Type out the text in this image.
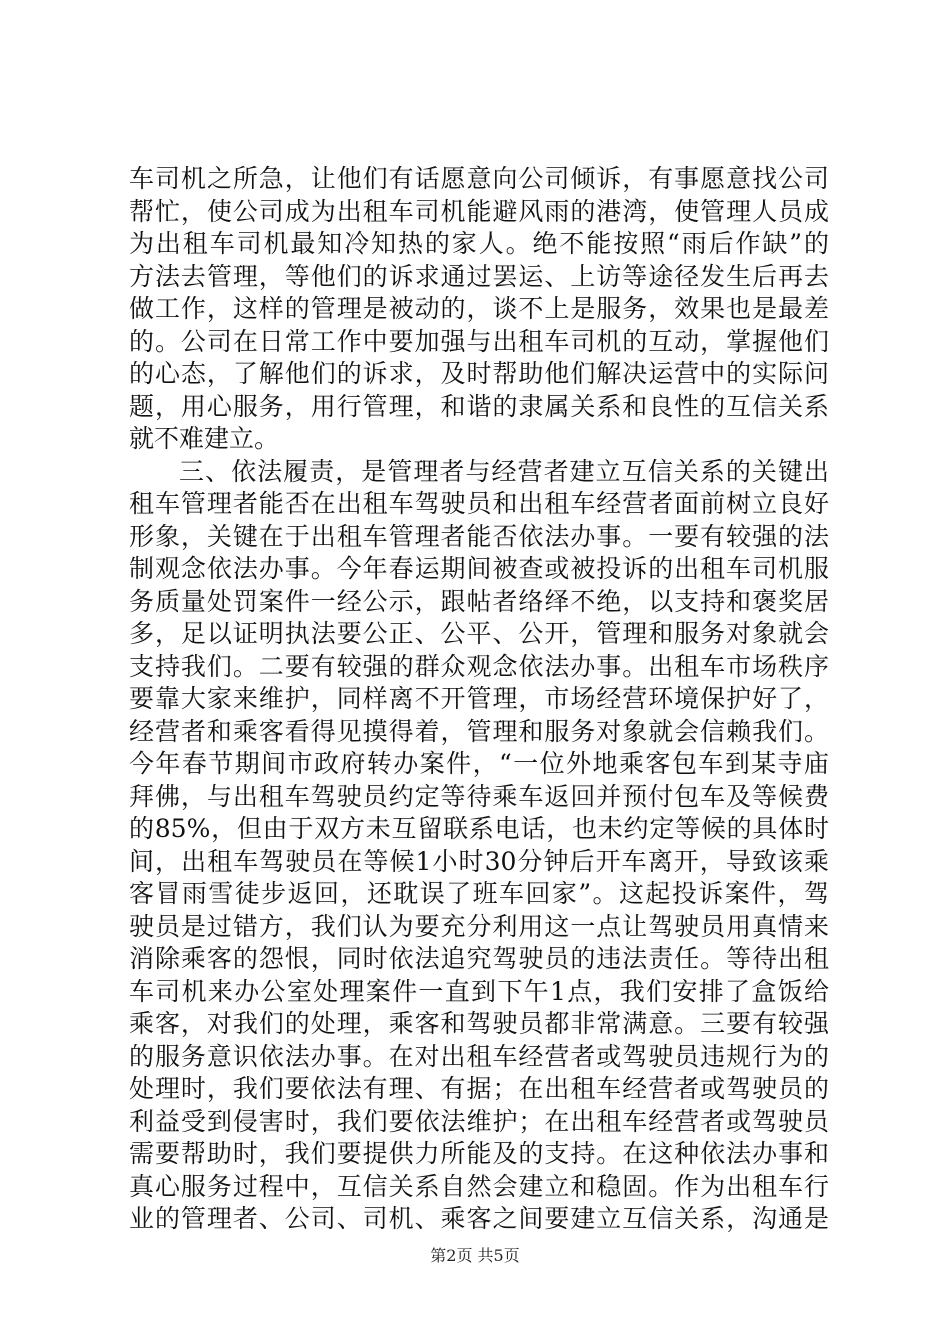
车司机之所急，让他们有话愿意向公司倾诉，有事愿意找公司
帮忙，使公司成为出租车司机能避风雨的港湾，使管理人员成
为出租车司机最知冷知热的家人。绝不能按照“雨后作缺”的
方法去管理，等他们的诉求通过罢运、上访等途径发生后再去
做工作，这样的管理是被动的，谈不上是服务，效果也是最差
的。公司在日常工作中要加强与出租车司机的互动，掌握他们
的心态，了解他们的诉求，及时帮助他们解决运营中的实际问
题，用心服务，用行管理，和谐的隶属关系和良性的互信关系
就不难建立。
三、依法履责，是管理者与经营者建立互信关系的关键出
租车管理者能否在出租车驾驶员和出租车经营者面前树立良好
形象，关键在于出租车管理者能否依法办事。一要有较强的法
制观念依法办事。今年春运期间被查或被投诉的出租车司机服
务质量处罚案件一经公示，跟帖者络绎不绝，以支持和褒奖居
多，足以证明执法要公正、公平、公开，管理和服务对象就会
支持我们。二要有较强的群众观念依法办事。出租车市场秩序
要靠大家来维护，同样离不开管理，市场经营环境保护好了，
经营者和乘客看得见摸得着，管理和服务对象就会信赖我们。
今年春节期间市政府转办案件，“一位外地乘客包车到某寺庙
拜佛，与出租车驾驶员约定等待乘车返回并预付包车及等候费
的85%，但由于双方未互留联系电话，也未约定等候的具体时
间，出租车驾驶员在等候1小时30分钟后开车离开，导致该乘
客冒雨雪徒步返回，还耽误了班车回家”。这起投诉案件，驾
驶员是过错方，我们认为要充分利用这一点让驾驶员用真情来
消除乘客的怨恨，同时依法追究驾驶员的违法责任。等待出租
车司机来办公室处理案件一直到下午1点，我们安排了盒饭给
乘客，对我们的处理，乘客和驾驶员都非常满意。三要有较强
的服务意识依法办事。在对出租车经营者或驾驶员违规行为的
处理时，我们要依法有理、有据；在出租车经营者或驾驶员的
利益受到侵害时，我们要依法维护；在出租车经营者或驾驶员
需要帮助时，我们要提供力所能及的支持。在这种依法办事和
真心服务过程中，互信关系自然会建立和稳固。作为出租车行
业的管理者、公司、司机、乘客之间要建立互信关系，沟通是
第2页 共5页
